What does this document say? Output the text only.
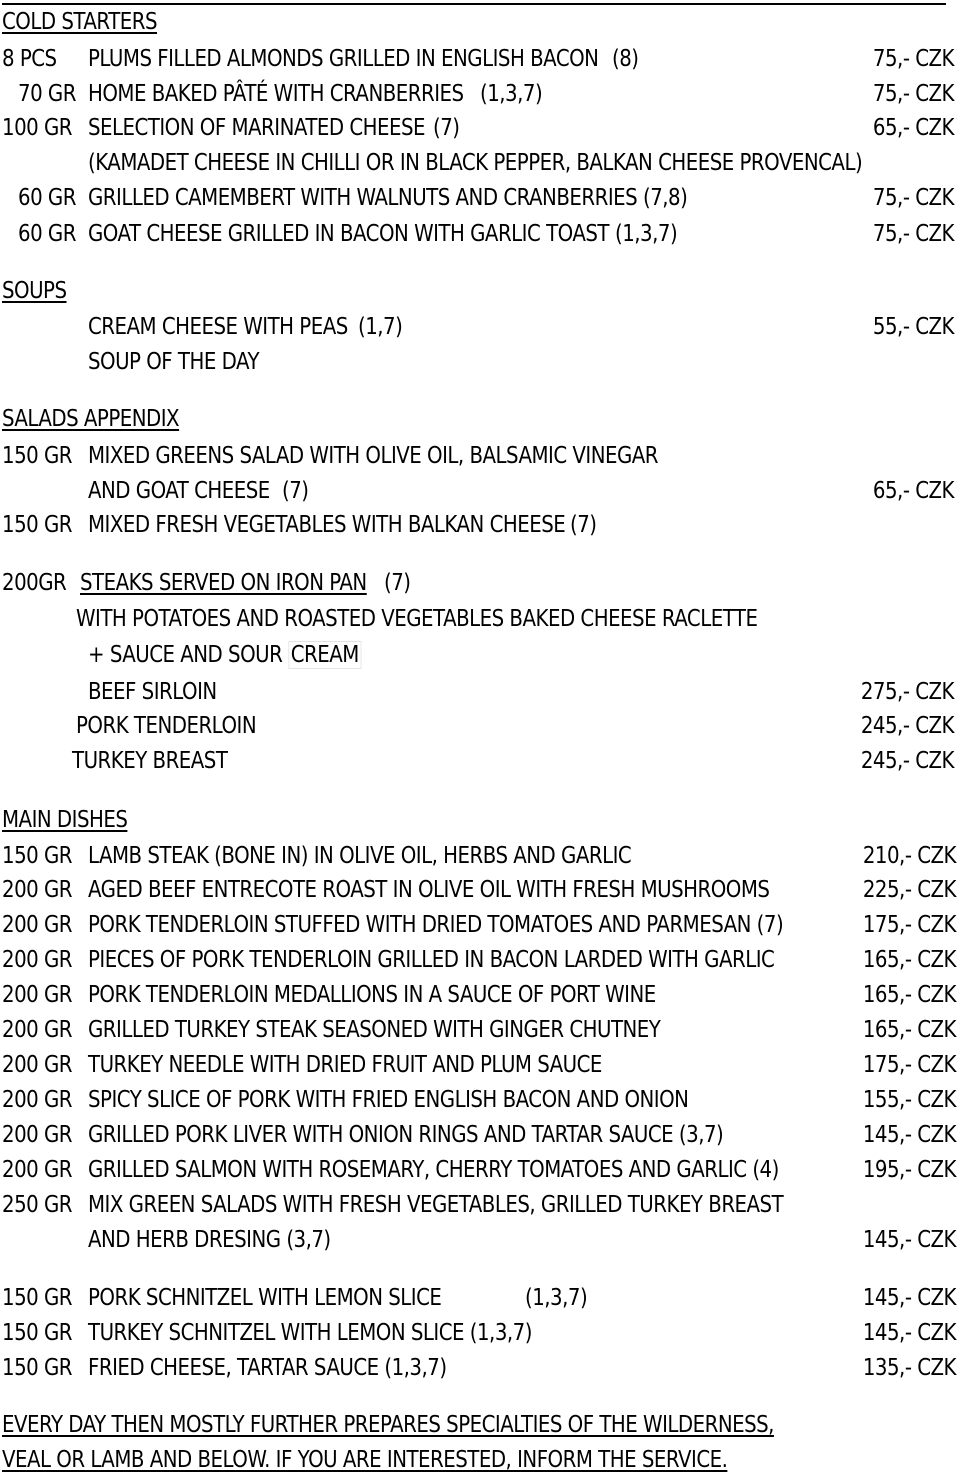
COLD STARTERS
8 PCS PLUMS FILLED ALMONDS GRILLED IN ENGLISH BACON (8)	75,- CZK
70 GR HOME BAKED PÂTÉ WITH CRANBERRIES (1,3,7)	75,- CZK
100 GR SELECTION OF MARINATED CHEESE (7)	65,- CZK
(KAMADET CHEESE IN CHILLI OR IN BLACK PEPPER, BALKAN CHEESE PROVENCAL)
60 GR GRILLED CAMEMBERT WITH WALNUTS AND CRANBERRIES (7,8)	75,- CZK
60 GR GOAT CHEESE GRILLED IN BACON WITH GARLIC TOAST (1,3,7)	75,- CZK
SOUPS
CREAM CHEESE WITH PEAS (1,7)	55,- CZK
SOUP OF THE DAY
SALADS APPENDIX
150 GR MIXED GREENS SALAD WITH OLIVE OIL, BALSAMIC VINEGAR
AND GOAT CHEESE (7)	65,- CZK
150 GR MIXED FRESH VEGETABLES WITH BALKAN CHEESE (7)
200GR STEAKS SERVED ON IRON PAN (7)
WITH POTATOES AND ROASTED VEGETABLES BAKED CHEESE RACLETTE
+ SAUCE AND SOUR CREAM
BEEF SIRLOIN	275,- CZK
PORK TENDERLOIN	245,- CZK
TURKEY BREAST	245,- CZK
MAIN DISHES
150 GR LAMB STEAK (BONE IN) IN OLIVE OIL, HERBS AND GARLIC	210,- CZK
200 GR AGED BEEF ENTRECOTE ROAST IN OLIVE OIL WITH FRESH MUSHROOMS	225,- CZK
200 GR PORK TENDERLOIN STUFFED WITH DRIED TOMATOES AND PARMESAN (7)	175,- CZK
200 GR PIECES OF PORK TENDERLOIN GRILLED IN BACON LARDED WITH GARLIC	165,- CZK
200 GR PORK TENDERLOIN MEDALLIONS IN A SAUCE OF PORT WINE	165,- CZK
200 GR GRILLED TURKEY STEAK SEASONED WITH GINGER CHUTNEY	165,- CZK
200 GR TURKEY NEEDLE WITH DRIED FRUIT AND PLUM SAUCE	175,- CZK
200 GR SPICY SLICE OF PORK WITH FRIED ENGLISH BACON AND ONION	155,- CZK
200 GR GRILLED PORK LIVER WITH ONION RINGS AND TARTAR SAUCE (3,7)	145,- CZK
200 GR GRILLED SALMON WITH ROSEMARY, CHERRY TOMATOES AND GARLIC (4)	195,- CZK
250 GR MIX GREEN SALADS WITH FRESH VEGETABLES, GRILLED TURKEY BREAST
AND HERB DRESING (3,7)	145,- CZK
150 GR PORK SCHNITZEL WITH LEMON SLICE	(1,3,7)	145,- CZK
150 GR TURKEY SCHNITZEL WITH LEMON SLICE (1,3,7)	145,- CZK
150 GR FRIED CHEESE, TARTAR SAUCE (1,3,7)	135,- CZK
EVERY DAY THEN MOSTLY FURTHER PREPARES SPECIALTIES OF THE WILDERNESS,
VEAL OR LAMB AND BELOW. IF YOU ARE INTERESTED, INFORM THE SERVICE.
